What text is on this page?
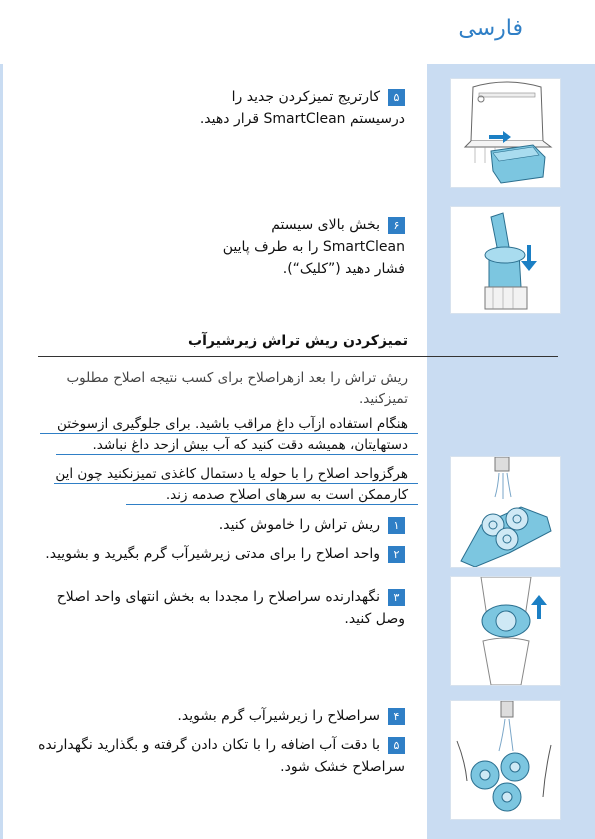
فارسی
۵کارتریج تمیزکردن جدید را درسیستم SmartClean قرار دهید.
۶بخش بالای سیستم SmartClean را به طرف پایین فشار دهید (”کلیک“).
تمیزکردن ریش تراش زیرشیرآب
ریش تراش را بعد ازهراصلاح برای کسب نتیجه اصلاح مطلوب تمیزکنید.
هنگام استفاده ازآب داغ مراقب باشید. برای جلوگیری ازسوختن دستهایتان، همیشه دقت کنید که آب بیش ازحد داغ نباشد.
هرگزواحد اصلاح را با حوله یا دستمال کاغذی تمیزنکنید چون این کارممکن است به سرهای اصلاح صدمه زند.
۱ریش تراش را خاموش کنید.
۲واحد اصلاح را برای مدتی زیرشیرآب گرم بگیرید و بشویید.
۳نگهدارنده سراصلاح را مجددا به بخش انتهای واحد اصلاح وصل کنید.
۴سراصلاح را زیرشیرآب گرم بشوید.
۵با دقت آب اضافه را با تکان دادن گرفته و بگذارید نگهدارنده سراصلاح خشک شود.
